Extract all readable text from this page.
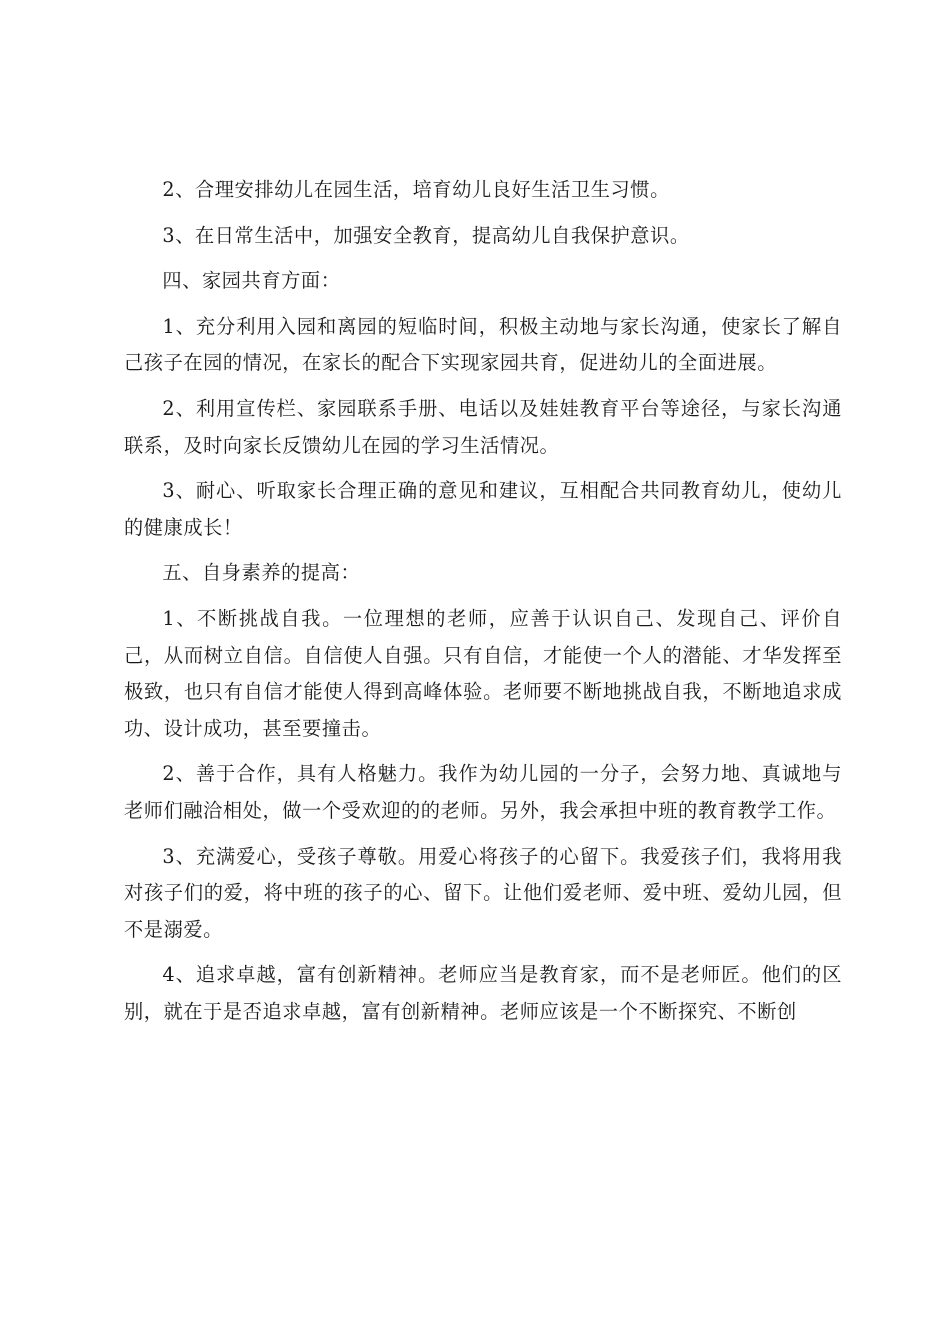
2、合理安排幼儿在园生活，培育幼儿良好生活卫生习惯。

3、在日常生活中，加强安全教育，提高幼儿自我保护意识。

四、家园共育方面：

1、充分利用入园和离园的短临时间，积极主动地与家长沟通，使家长了解自己孩子在园的情况，在家长的配合下实现家园共育，促进幼儿的全面进展。

2、利用宣传栏、家园联系手册、电话以及娃娃教育平台等途径，与家长沟通联系，及时向家长反馈幼儿在园的学习生活情况。

3、耐心、听取家长合理正确的意见和建议，互相配合共同教育幼儿，使幼儿的健康成长！

五、自身素养的提高：

1、不断挑战自我。一位理想的老师，应善于认识自己、发现自己、评价自己，从而树立自信。自信使人自强。只有自信，才能使一个人的潜能、才华发挥至极致，也只有自信才能使人得到高峰体验。老师要不断地挑战自我，不断地追求成功、设计成功，甚至要撞击。

2、善于合作，具有人格魅力。我作为幼儿园的一分子，会努力地、真诚地与老师们融洽相处，做一个受欢迎的的老师。另外，我会承担中班的教育教学工作。

3、充满爱心，受孩子尊敬。用爱心将孩子的心留下。我爱孩子们，我将用我对孩子们的爱，将中班的孩子的心、留下。让他们爱老师、爱中班、爱幼儿园，但不是溺爱。

4、追求卓越，富有创新精神。老师应当是教育家，而不是老师匠。他们的区别，就在于是否追求卓越，富有创新精神。老师应该是一个不断探究、不断创
